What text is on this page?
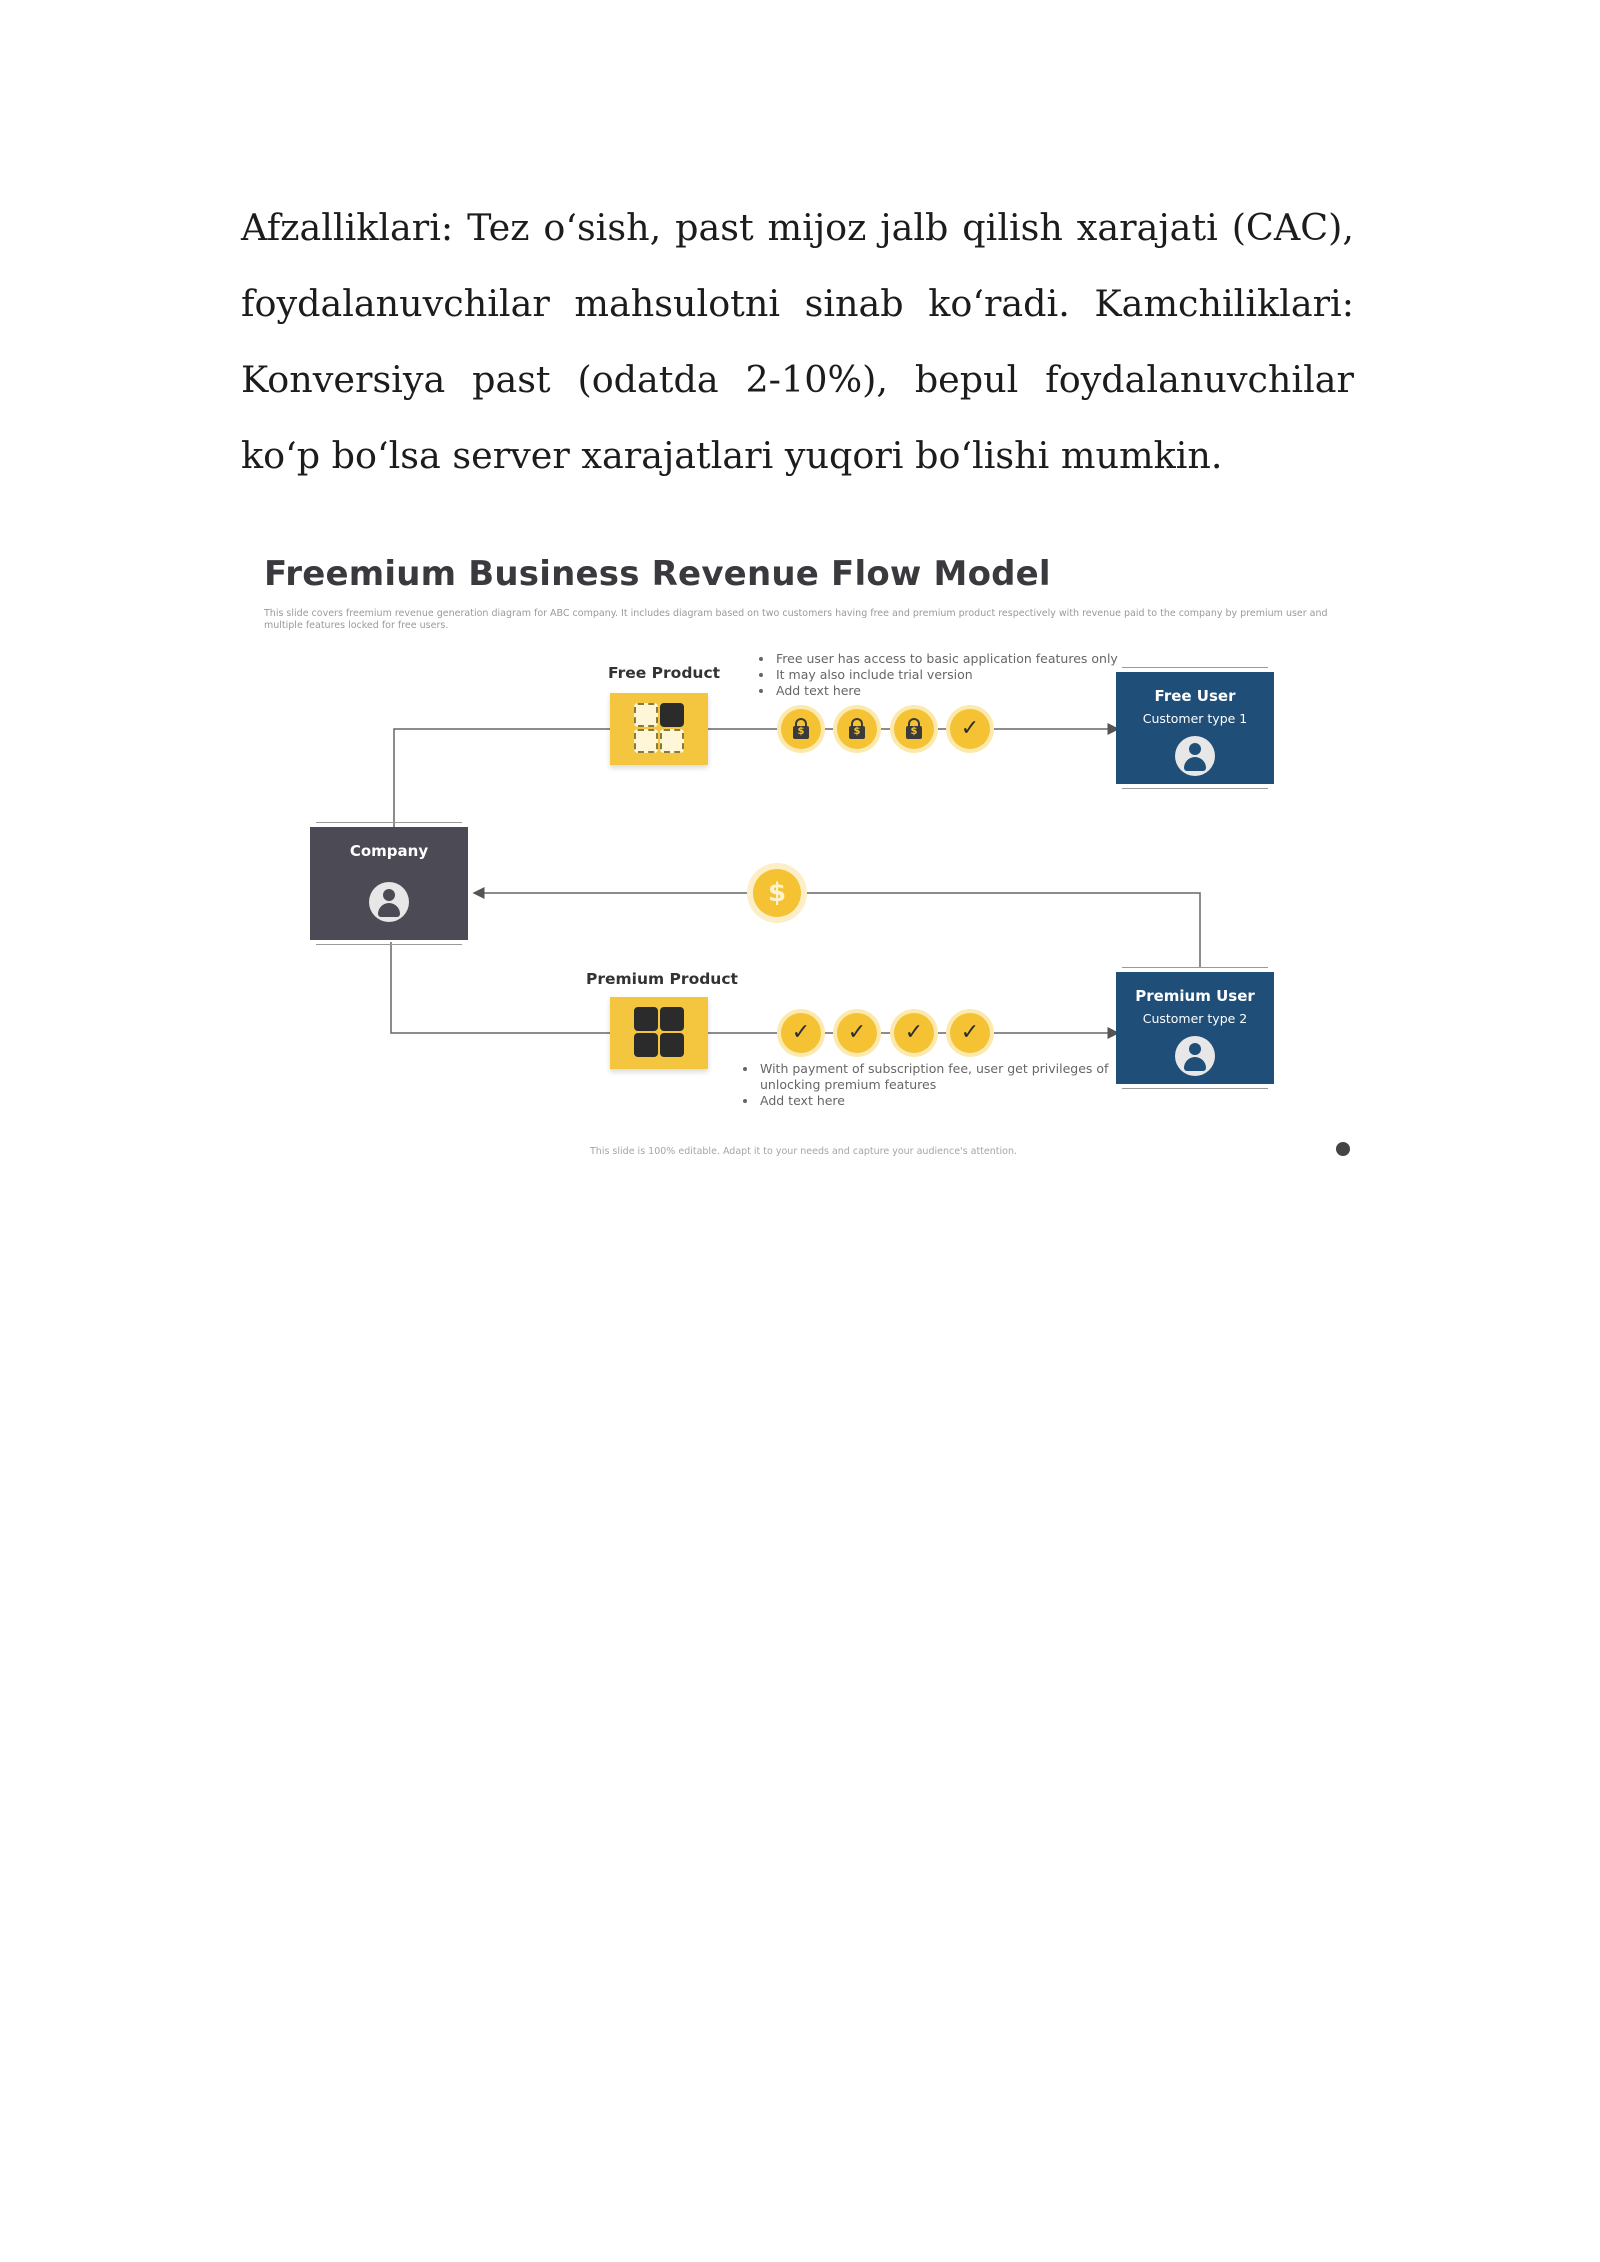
Afzalliklari: Tez o‘sish, past mijoz jalb qilish xarajati (CAC), foydalanuvchilar mahsulotni sinab ko‘radi. Kamchiliklari: Konversiya past (odatda 2-10%), bepul foydalanuvchilar ko‘p bo‘lsa server xarajatlari yuqori bo‘lishi mumkin.

Freemium Business Revenue Flow Model

This slide covers freemium revenue generation diagram for ABC company. It includes diagram based on two customers having free and premium product respectively with revenue paid to the company by premium user and multiple features locked for free users.

Free Product
• Free user has access to basic application features only
• It may also include trial version
• Add text here
$	$	$	✓
Free User
Customer type 1
Company
$
Premium Product
✓	✓	✓	✓
• With payment of subscription fee, user get privileges of unlocking premium features
• Add text here
Premium User
Customer type 2

This slide is 100% editable. Adapt it to your needs and capture your audience's attention.
